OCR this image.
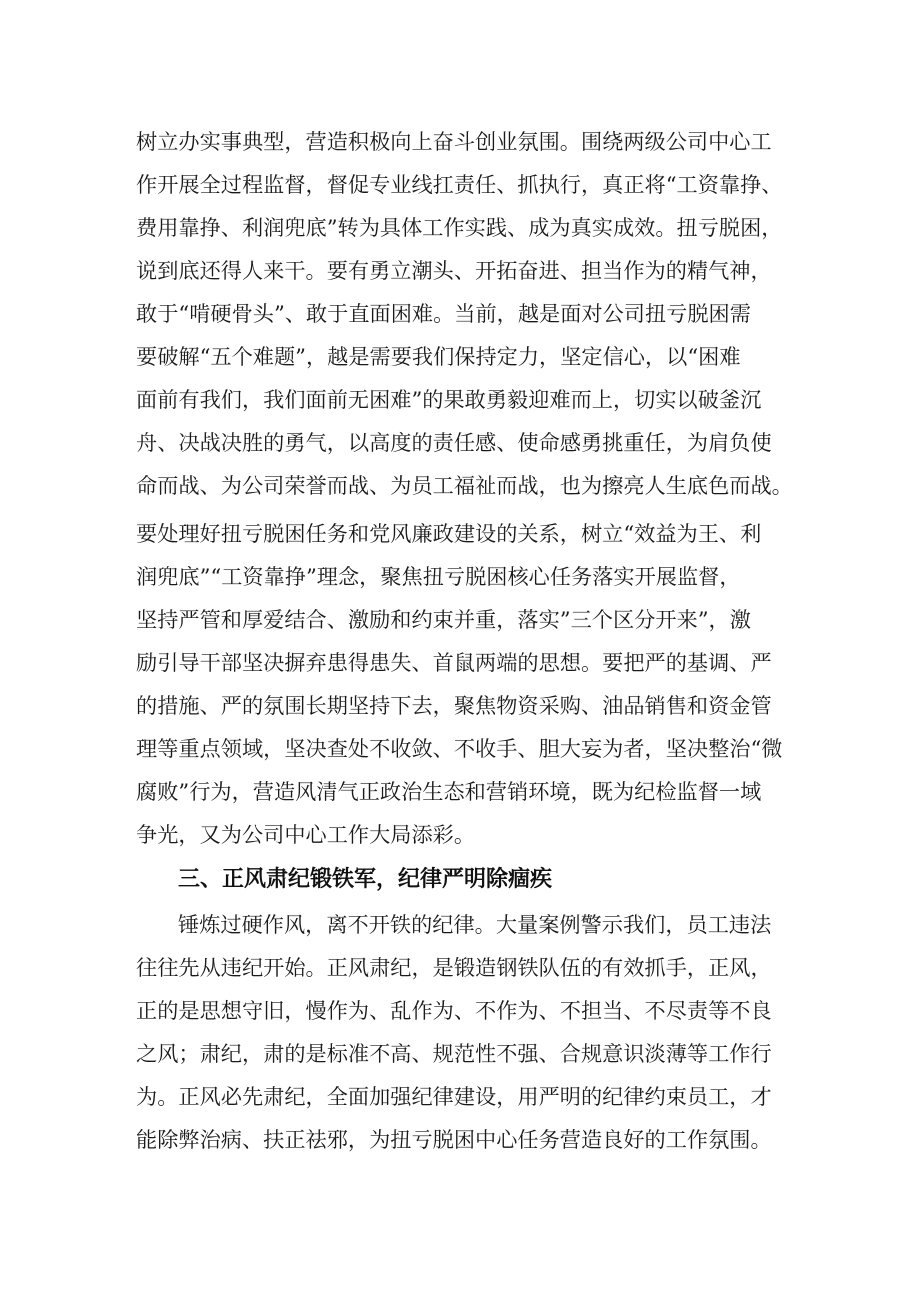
树立办实事典型，营造积极向上奋斗创业氛围。围绕两级公司中心工
作开展全过程监督，督促专业线扛责任、抓执行，真正将“工资靠挣、
费用靠挣、利润兜底”转为具体工作实践、成为真实成效。扭亏脱困，
说到底还得人来干。要有勇立潮头、开拓奋进、担当作为的精气神，
敢于“啃硬骨头”、敢于直面困难。当前，越是面对公司扭亏脱困需
要破解“五个难题”，越是需要我们保持定力，坚定信心，以“困难
面前有我们，我们面前无困难”的果敢勇毅迎难而上，切实以破釜沉
舟、决战决胜的勇气，以高度的责任感、使命感勇挑重任，为肩负使
命而战、为公司荣誉而战、为员工福祉而战，也为擦亮人生底色而战。
要处理好扭亏脱困任务和党风廉政建设的关系，树立“效益为王、利
润兜底”“工资靠挣”理念，聚焦扭亏脱困核心任务落实开展监督，
坚持严管和厚爱结合、激励和约束并重，落实”三个区分开来”，激
励引导干部坚决摒弃患得患失、首鼠两端的思想。要把严的基调、严
的措施、严的氛围长期坚持下去，聚焦物资采购、油品销售和资金管
理等重点领域，坚决查处不收敛、不收手、胆大妄为者，坚决整治“微
腐败”行为，营造风清气正政治生态和营销环境，既为纪检监督一域
争光，又为公司中心工作大局添彩。
三、正风肃纪锻铁军，纪律严明除痼疾
锤炼过硬作风，离不开铁的纪律。大量案例警示我们，员工违法
往往先从违纪开始。正风肃纪，是锻造钢铁队伍的有效抓手，正风，
正的是思想守旧，慢作为、乱作为、不作为、不担当、不尽责等不良
之风；肃纪，肃的是标准不高、规范性不强、合规意识淡薄等工作行
为。正风必先肃纪，全面加强纪律建设，用严明的纪律约束员工，才
能除弊治病、扶正祛邪，为扭亏脱困中心任务营造良好的工作氛围。
